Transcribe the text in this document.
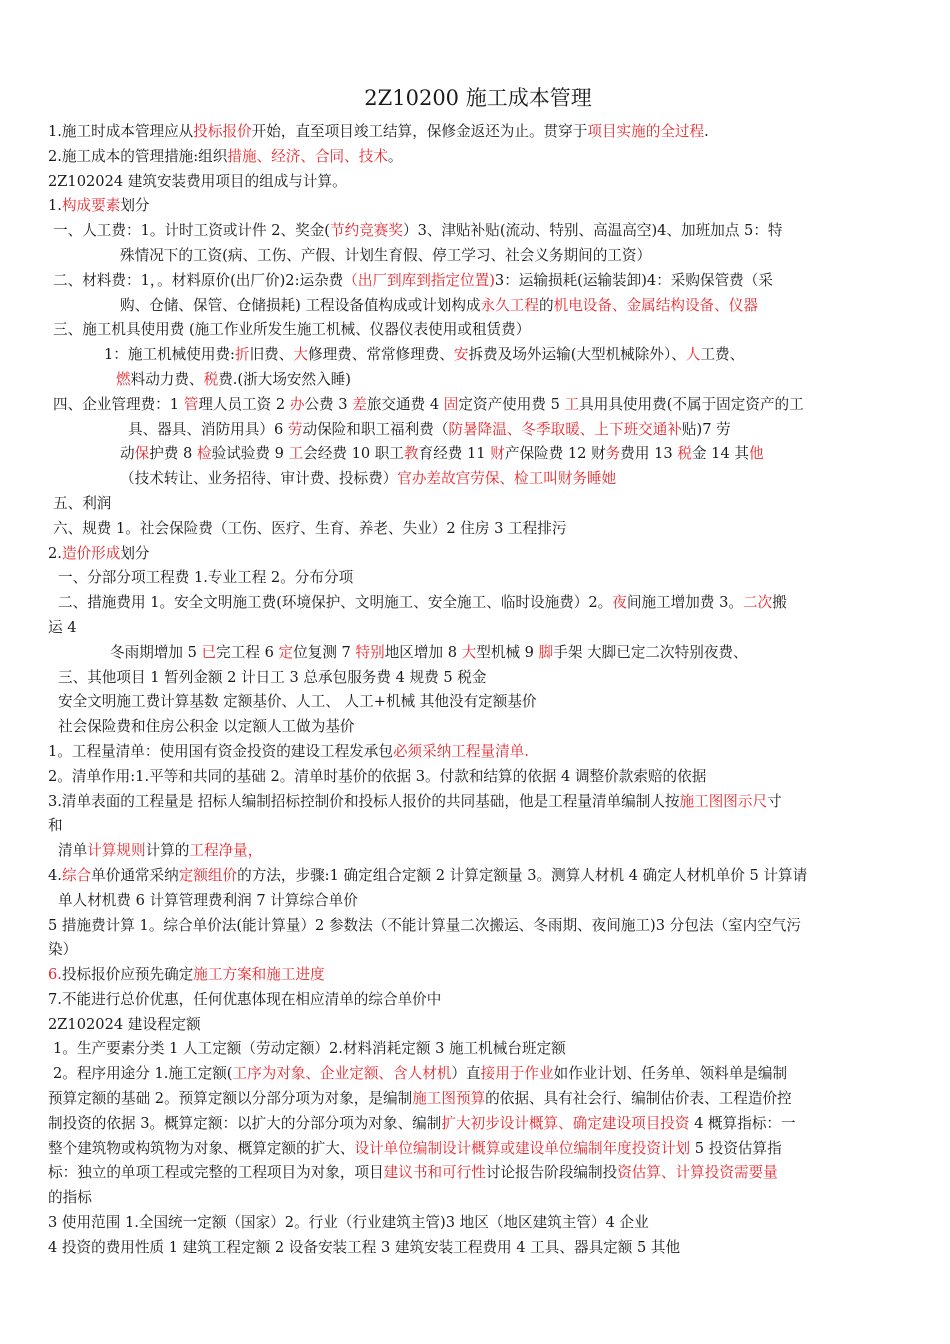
2Z10200 施工成本管理
1.施工时成本管理应从投标报价开始，直至项目竣工结算，保修金返还为止。贯穿于项目实施的全过程.
2.施工成本的管理措施:组织措施、经济、合同、技术。
2Z102024 建筑安装费用项目的组成与计算。
1.构成要素划分
一、人工费：1。计时工资或计件 2、奖金(节约竞赛奖）3、津贴补贴(流动、特别、高温高空)4、加班加点 5：特
殊情况下的工资(病、工伤、产假、计划生育假、停工学习、社会义务期间的工资）
二、材料费：1，。材料原价(出厂价)2:运杂费（出厂到库到指定位置)3：运输损耗(运输装卸)4：采购保管费（采
购、仓储、保管、仓储损耗) 工程设备值构成或计划构成永久工程的机电设备、金属结构设备、仪器
三、施工机具使用费 (施工作业所发生施工机械、仪器仪表使用或租赁费）
1：施工机械使用费:折旧费、大修理费、常常修理费、安拆费及场外运输(大型机械除外）、人工费、
燃料动力费、税费.(浙大场安然入睡)
四、企业管理费：1 管理人员工资 2 办公费 3 差旅交通费 4 固定资产使用费 5 工具用具使用费(不属于固定资产的工
具、器具、消防用具）6 劳动保险和职工福利费（防暑降温、冬季取暖、上下班交通补贴)7 劳
动保护费 8 检验试验费 9 工会经费 10 职工教育经费 11 财产保险费 12 财务费用 13 税金 14 其他
（技术转让、业务招待、审计费、投标费）官办差故宫劳保、检工叫财务睡她
五、利润
六、规费 1。社会保险费（工伤、医疗、生育、养老、失业）2 住房 3 工程排污
2.造价形成划分
一、分部分项工程费 1.专业工程 2。分布分项
二、措施费用 1。安全文明施工费(环境保护、文明施工、安全施工、临时设施费）2。夜间施工增加费 3。二次搬
运 4
冬雨期增加 5 已完工程 6 定位复测 7 特别地区增加 8 大型机械 9 脚手架 大脚已定二次特别夜费、
三、其他项目 1 暂列金额 2 计日工 3 总承包服务费 4 规费 5 税金
安全文明施工费计算基数 定额基价、人工、 人工+机械 其他没有定额基价
社会保险费和住房公积金 以定额人工做为基价
1。工程量清单：使用国有资金投资的建设工程发承包必须采纳工程量清单.
2。清单作用:1.平等和共同的基础 2。清单时基价的依据 3。付款和结算的依据 4 调整价款索赔的依据
3.清单表面的工程量是 招标人编制招标控制价和投标人报价的共同基础，他是工程量清单编制人按施工图图示尺寸
和
清单计算规则计算的工程净量，
4.综合单价通常采纳定额组价的方法，步骤:1 确定组合定额 2 计算定额量 3。测算人材机 4 确定人材机单价 5 计算请
单人材机费 6 计算管理费利润 7 计算综合单价
5 措施费计算 1。综合单价法(能计算量）2 参数法（不能计算量二次搬运、冬雨期、夜间施工)3 分包法（室内空气污
染）
6.投标报价应预先确定施工方案和施工进度
7.不能进行总价优惠，任何优惠体现在相应清单的综合单价中
2Z102024 建设程定额
1。生产要素分类 1 人工定额（劳动定额）2.材料消耗定额 3 施工机械台班定额
2。程序用途分 1.施工定额(工序为对象、企业定额、含人材机）直接用于作业如作业计划、任务单、领料单是编制
预算定额的基础 2。预算定额以分部分项为对象，是编制施工图预算的依据、具有社会行、编制估价表、工程造价控
制投资的依据 3。概算定额：以扩大的分部分项为对象、编制扩大初步设计概算、确定建设项目投资 4 概算指标：一
整个建筑物或构筑物为对象、概算定额的扩大、设计单位编制设计概算或建设单位编制年度投资计划 5 投资估算指
标：独立的单项工程或完整的工程项目为对象，项目建议书和可行性讨论报告阶段编制投资估算、计算投资需要量
的指标
3 使用范围 1.全国统一定额（国家）2。行业（行业建筑主管)3 地区（地区建筑主管）4 企业
4 投资的费用性质 1 建筑工程定额 2 设备安装工程 3 建筑安装工程费用 4 工具、器具定额 5 其他
